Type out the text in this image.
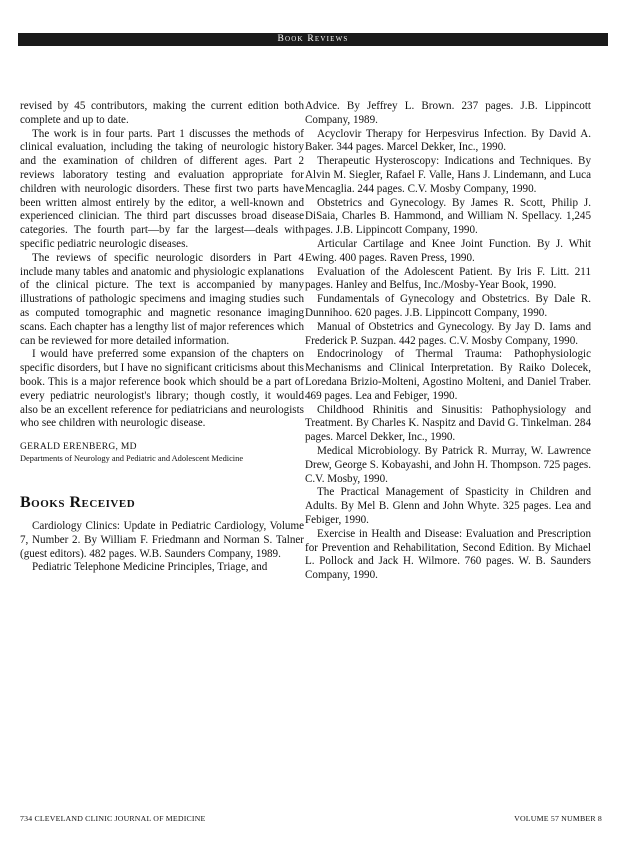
Book Reviews

revised by 45 contributors, making the current edition both complete and up to date.

The work is in four parts. Part 1 discusses the methods of clinical evaluation, including the taking of neurologic history and the examination of children of different ages. Part 2 reviews laboratory testing and evaluation appropriate for children with neurologic disorders. These first two parts have been written almost entirely by the editor, a well-known and experienced clinician. The third part discusses broad disease categories. The fourth part—by far the largest—deals with specific pediatric neurologic diseases.

The reviews of specific neurologic disorders in Part 4 include many tables and anatomic and physiologic explanations of the clinical picture. The text is accompanied by many illustrations of pathologic specimens and imaging studies such as computed tomographic and magnetic resonance imaging scans. Each chapter has a lengthy list of major references which can be reviewed for more detailed information.

I would have preferred some expansion of the chapters on specific disorders, but I have no significant criticisms about this book. This is a major reference book which should be a part of every pediatric neurologist's library; though costly, it would also be an excellent reference for pediatricians and neurologists who see children with neurologic disease.

GERALD ERENBERG, MD

Departments of Neurology and Pediatric and Adolescent Medicine

Books Received

Cardiology Clinics: Update in Pediatric Cardiology, Volume 7, Number 2. By William F. Friedmann and Norman S. Talner (guest editors). 482 pages. W.B. Saunders Company, 1989.

Pediatric Telephone Medicine Principles, Triage, and

Advice. By Jeffrey L. Brown. 237 pages. J.B. Lippincott Company, 1989.

Acyclovir Therapy for Herpesvirus Infection. By David A. Baker. 344 pages. Marcel Dekker, Inc., 1990.

Therapeutic Hysteroscopy: Indications and Techniques. By Alvin M. Siegler, Rafael F. Valle, Hans J. Lindemann, and Luca Mencaglia. 244 pages. C.V. Mosby Company, 1990.

Obstetrics and Gynecology. By James R. Scott, Philip J. DiSaia, Charles B. Hammond, and William N. Spellacy. 1,245 pages. J.B. Lippincott Company, 1990.

Articular Cartilage and Knee Joint Function. By J. Whit Ewing. 400 pages. Raven Press, 1990.

Evaluation of the Adolescent Patient. By Iris F. Litt. 211 pages. Hanley and Belfus, Inc./Mosby-Year Book, 1990.

Fundamentals of Gynecology and Obstetrics. By Dale R. Dunnihoo. 620 pages. J.B. Lippincott Company, 1990.

Manual of Obstetrics and Gynecology. By Jay D. Iams and Frederick P. Suzpan. 442 pages. C.V. Mosby Company, 1990.

Endocrinology of Thermal Trauma: Pathophysiologic Mechanisms and Clinical Interpretation. By Raiko Dolecek, Loredana Brizio-Molteni, Agostino Molteni, and Daniel Traber. 469 pages. Lea and Febiger, 1990.

Childhood Rhinitis and Sinusitis: Pathophysiology and Treatment. By Charles K. Naspitz and David G. Tinkelman. 284 pages. Marcel Dekker, Inc., 1990.

Medical Microbiology. By Patrick R. Murray, W. Lawrence Drew, George S. Kobayashi, and John H. Thompson. 725 pages. C.V. Mosby, 1990.

The Practical Management of Spasticity in Children and Adults. By Mel B. Glenn and John Whyte. 325 pages. Lea and Febiger, 1990.

Exercise in Health and Disease: Evaluation and Prescription for Prevention and Rehabilitation, Second Edition. By Michael L. Pollock and Jack H. Wilmore. 760 pages. W. B. Saunders Company, 1990.

734 CLEVELAND CLINIC JOURNAL OF MEDICINE	VOLUME 57 NUMBER 8
